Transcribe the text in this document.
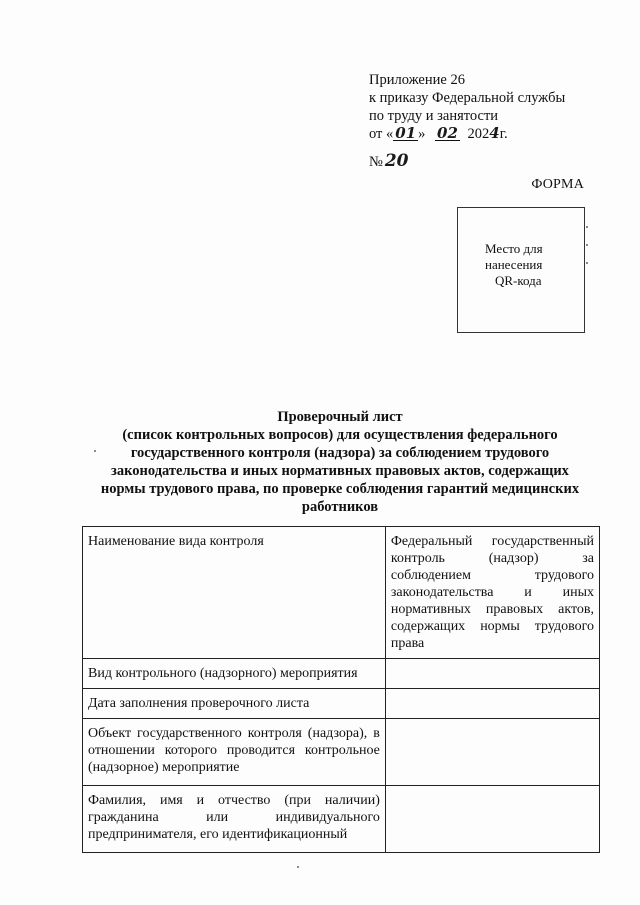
Приложение 26
к приказу Федеральной службы
по труду и занятости
от « 01 » 02 2024г.
№ 20
ФОРМА
Место для
нанесения
QR-кода
Проверочный лист
(список контрольных вопросов) для осуществления федерального
государственного контроля (надзора) за соблюдением трудового
законодательства и иных нормативных правовых актов, содержащих
нормы трудового права, по проверке соблюдения гарантий медицинских
работников
Наименование вида контроля	Федеральный государственный контроль (надзор) за соблюдением трудового законодательства и иных нормативных правовых актов, содержащих нормы трудового права
Вид контрольного (надзорного) мероприятия	
Дата заполнения проверочного листа	
Объект государственного контроля (надзора), в отношении которого проводится контрольное (надзорное) мероприятие	
Фамилия, имя и отчество (при наличии) гражданина или индивидуального предпринимателя, его идентификационный	
